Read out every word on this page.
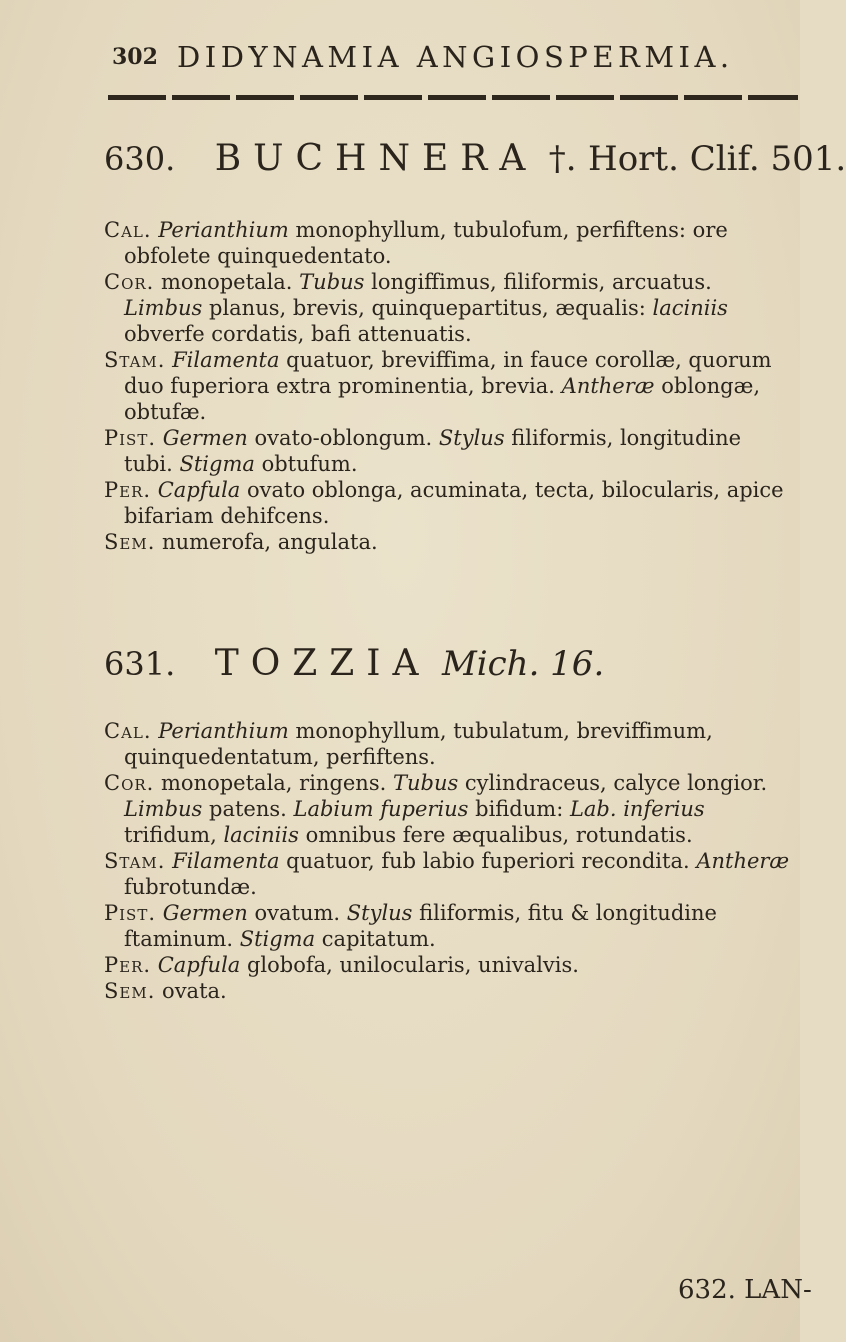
302 DIDYNAMIA ANGIOSPERMIA.
630. BUCHNERA †. Hort. Clif. 501.

Cal. Perianthium monophyllum, tubulofum, perfiftens: ore obfolete quinquedentato.

Cor. monopetala. Tubus longiffimus, filiformis, arcuatus. Limbus planus, brevis, quinquepartitus, æqualis: laciniis obverfe cordatis, bafi attenuatis.

Stam. Filamenta quatuor, breviffima, in fauce corollæ, quorum duo fuperiora extra prominentia, brevia. Antheræ oblongæ, obtufæ.

Pist. Germen ovato-oblongum. Stylus filiformis, longitudine tubi. Stigma obtufum.

Per. Capfula ovato oblonga, acuminata, tecta, bilocularis, apice bifariam dehifcens.

Sem. numerofa, angulata.

631. TOZZIA Mich. 16.

Cal. Perianthium monophyllum, tubulatum, breviffimum, quinquedentatum, perfiftens.

Cor. monopetala, ringens. Tubus cylindraceus, calyce longior. Limbus patens. Labium fuperius bifidum: Lab. inferius trifidum, laciniis omnibus fere æqualibus, rotundatis.

Stam. Filamenta quatuor, fub labio fuperiori recondita. Antheræ fubrotundæ.

Pist. Germen ovatum. Stylus filiformis, fitu & longitudine ftaminum. Stigma capitatum.

Per. Capfula globofa, unilocularis, univalvis.

Sem. ovata.

632. LAN-
